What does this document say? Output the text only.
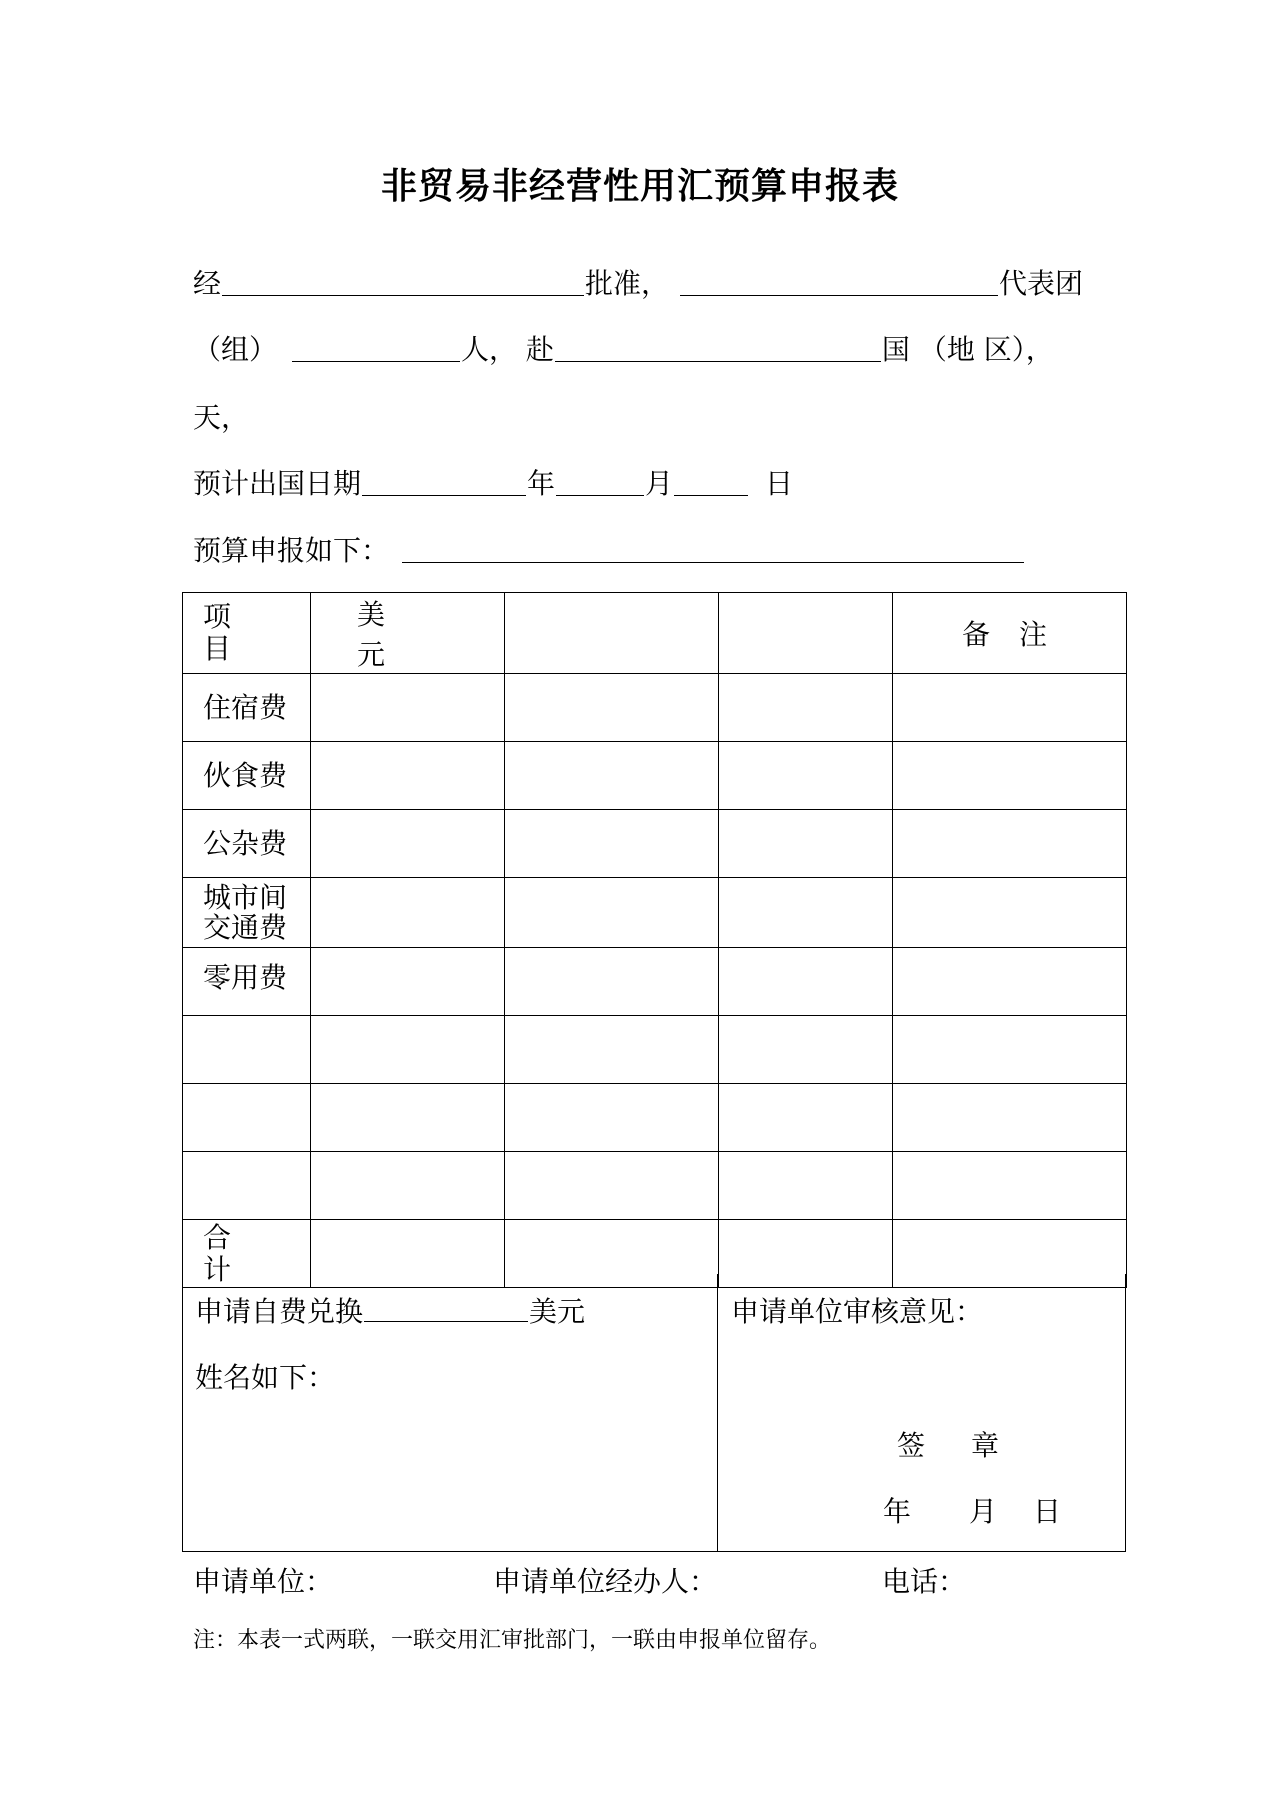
非贸易非经营性用汇预算申报表
经	批准，	代表团
（组）	人， 赴	国 （地 区），
天，
预计出国日期	年	月	日
预算申报如下：
项 目	美 元			备 注
住宿费				
伙食费				
公杂费				

城市间
交通费				

零用费				

合 计				
申请自费兑换	美元
姓名如下：
申请单位审核意见：
签 章
年 月 日
申请单位：	申请单位经办人：	电话：
注：本表一式两联，一联交用汇审批部门，一联由申报单位留存。
